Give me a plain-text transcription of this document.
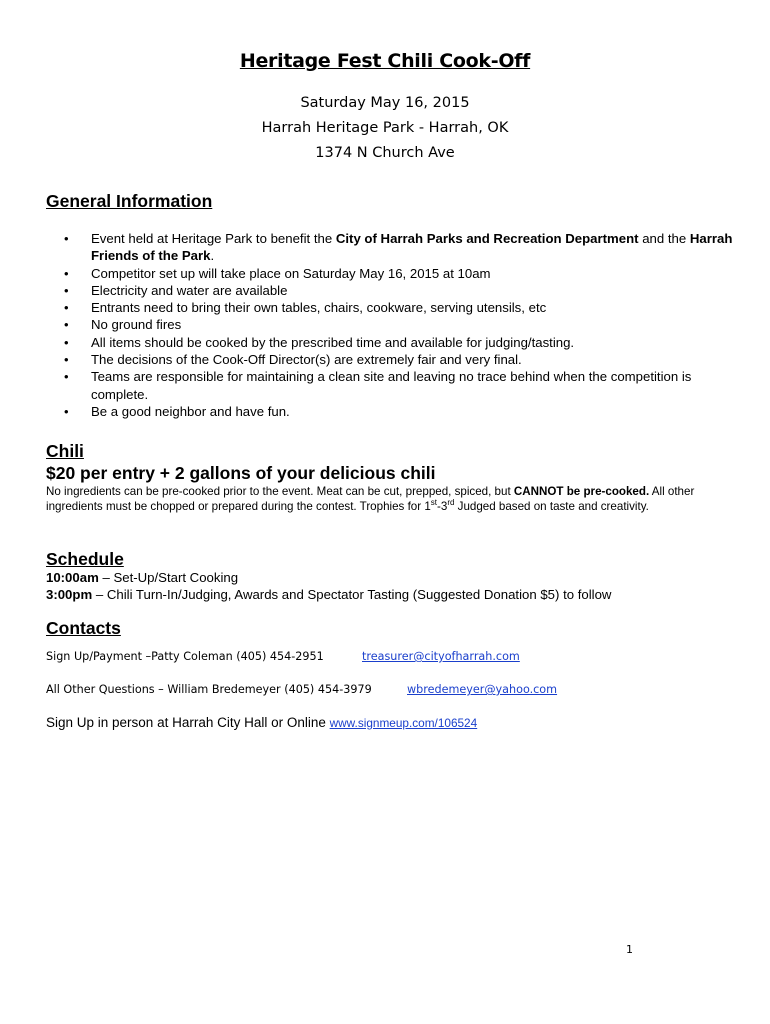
Heritage Fest Chili Cook-Off
Saturday May 16, 2015
Harrah Heritage Park - Harrah, OK
1374 N Church Ave
General Information
• Event held at Heritage Park to benefit the City of Harrah Parks and Recreation Department and the Harrah Friends of the Park.
• Competitor set up will take place on Saturday May 16, 2015 at 10am
• Electricity and water are available
• Entrants need to bring their own tables, chairs, cookware, serving utensils, etc
• No ground fires
• All items should be cooked by the prescribed time and available for judging/tasting.
• The decisions of the Cook-Off Director(s) are extremely fair and very final.
• Teams are responsible for maintaining a clean site and leaving no trace behind when the competition is complete.
• Be a good neighbor and have fun.
Chili
$20 per entry + 2 gallons of your delicious chili
No ingredients can be pre-cooked prior to the event. Meat can be cut, prepped, spiced, but CANNOT be pre-cooked. All other ingredients must be chopped or prepared during the contest. Trophies for 1st-3rd Judged based on taste and creativity.
Schedule
10:00am – Set-Up/Start Cooking
3:00pm – Chili Turn-In/Judging, Awards and Spectator Tasting (Suggested Donation $5) to follow
Contacts
Sign Up/Payment –Patty Coleman (405) 454-2951	treasurer@cityofharrah.com
All Other Questions – William Bredemeyer (405) 454-3979	wbredemeyer@yahoo.com
Sign Up in person at Harrah City Hall or Online www.signmeup.com/106524
1
